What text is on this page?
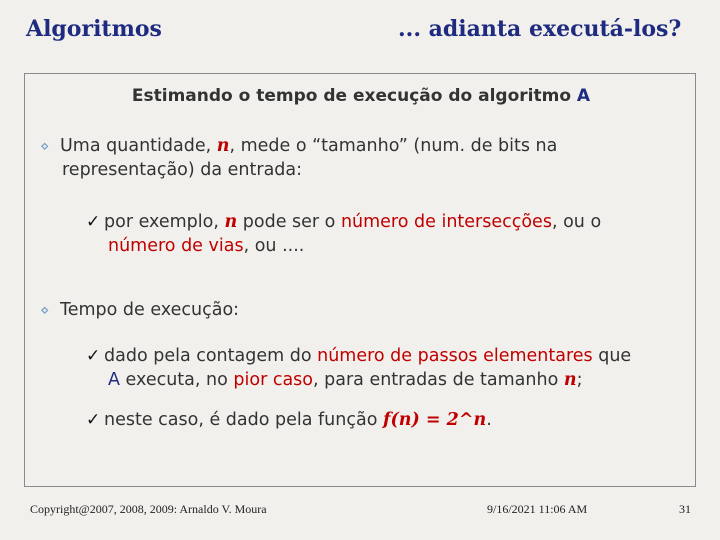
Algoritmos	... adianta executá-los?
Estimando o tempo de execução do algoritmo A
⋄ Uma quantidade, n, mede o “tamanho” (num. de bits na
representação) da entrada:
✓ por exemplo, n pode ser o número de intersecções, ou o
número de vias, ou ....
⋄ Tempo de execução:
✓ dado pela contagem do número de passos elementares que
A executa, no pior caso, para entradas de tamanho n;
✓ neste caso, é dado pela função f(n) = 2^n.
Copyright@2007, 2008, 2009: Arnaldo V. Moura	9/16/2021 11:06 AM	31
